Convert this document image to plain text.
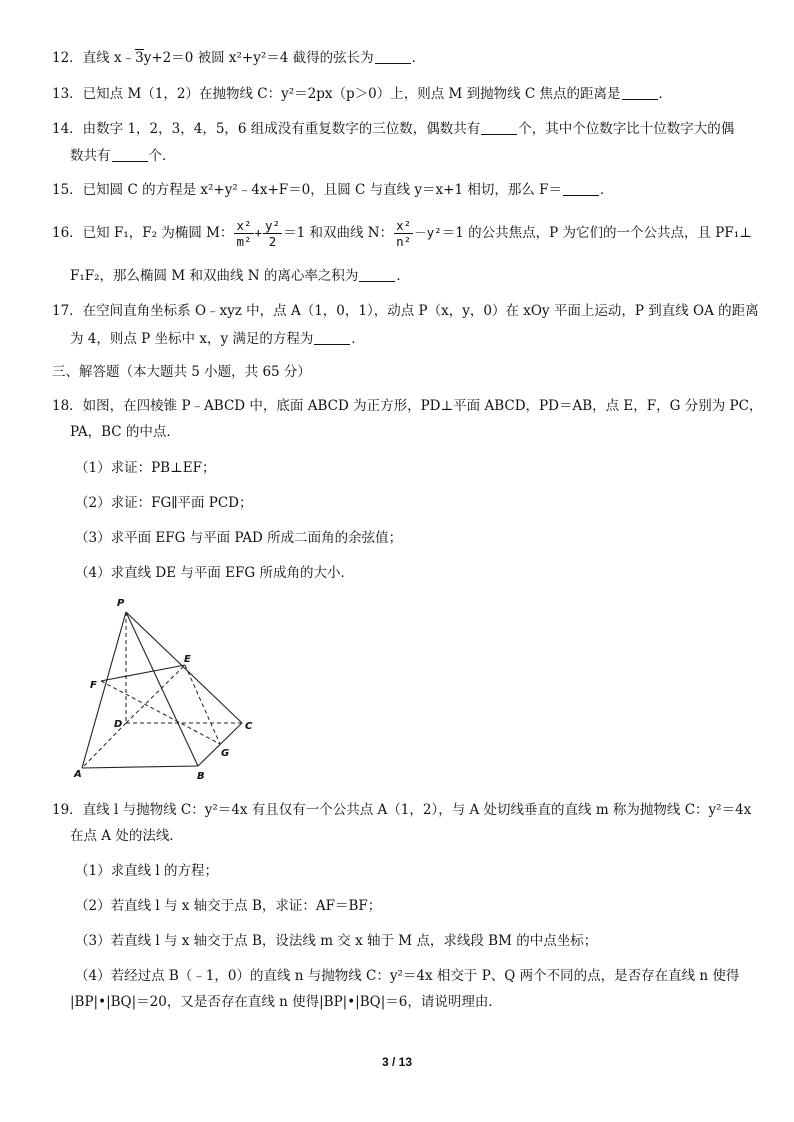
12．直线 x﹣3y+2＝0 被圆 x²+y²＝4 截得的弦长为	．
13．已知点 M（1，2）在抛物线 C：y²＝2px（p＞0）上，则点 M 到抛物线 C 焦点的距离是	．
14．由数字 1，2，3，4，5，6 组成没有重复数字的三位数，偶数共有	个，其中个位数字比十位数字大的偶
数共有	个．
15．已知圆 C 的方程是 x²+y²﹣4x+F＝0，且圆 C 与直线 y＝x+1 相切，那么 F＝	．
16．已知 F₁，F₂ 为椭圆 M： $\frac{\text{x²}}{\text{m²}} + \frac{\text{y²}}{2} =1$ 和双曲线 N： $\frac{\text{x²}}{\text{n²}} -y^2=1$ 的公共焦点，P 为它们的一个公共点，且 PF₁⊥
F₁F₂，那么椭圆 M 和双曲线 N 的离心率之积为	．
17．在空间直角坐标系 O﹣xyz 中，点 A（1，0，1），动点 P（x，y，0）在 xOy 平面上运动，P 到直线 OA 的距离
为 4，则点 P 坐标中 x，y 满足的方程为	．
三、解答题（本大题共 5 小题，共 65 分）
18．如图，在四棱锥 P﹣ABCD 中，底面 ABCD 为正方形，PD⊥平面 ABCD，PD＝AB，点 E，F，G 分别为 PC，
PA，BC 的中点．
（1）求证：PB⊥EF；
（2）求证：FG∥平面 PCD；
（3）求平面 EFG 与平面 PAD 所成二面角的余弦值；
（4）求直线 DE 与平面 EFG 所成角的大小．
P
E
F
D	C
G
A	B
19．直线 l 与抛物线 C：y²＝4x 有且仅有一个公共点 A（1，2），与 A 处切线垂直的直线 m 称为抛物线 C：y²＝4x
在点 A 处的法线．
（1）求直线 l 的方程；
（2）若直线 l 与 x 轴交于点 B，求证：AF＝BF；
（3）若直线 l 与 x 轴交于点 B，设法线 m 交 x 轴于 M 点，求线段 BM 的中点坐标；
（4）若经过点 B（﹣1，0）的直线 n 与抛物线 C：y²＝4x 相交于 P、Q 两个不同的点，是否存在直线 n 使得
|BP|•|BQ|＝20，又是否存在直线 n 使得|BP|•|BQ|＝6，请说明理由．
3 / 13
